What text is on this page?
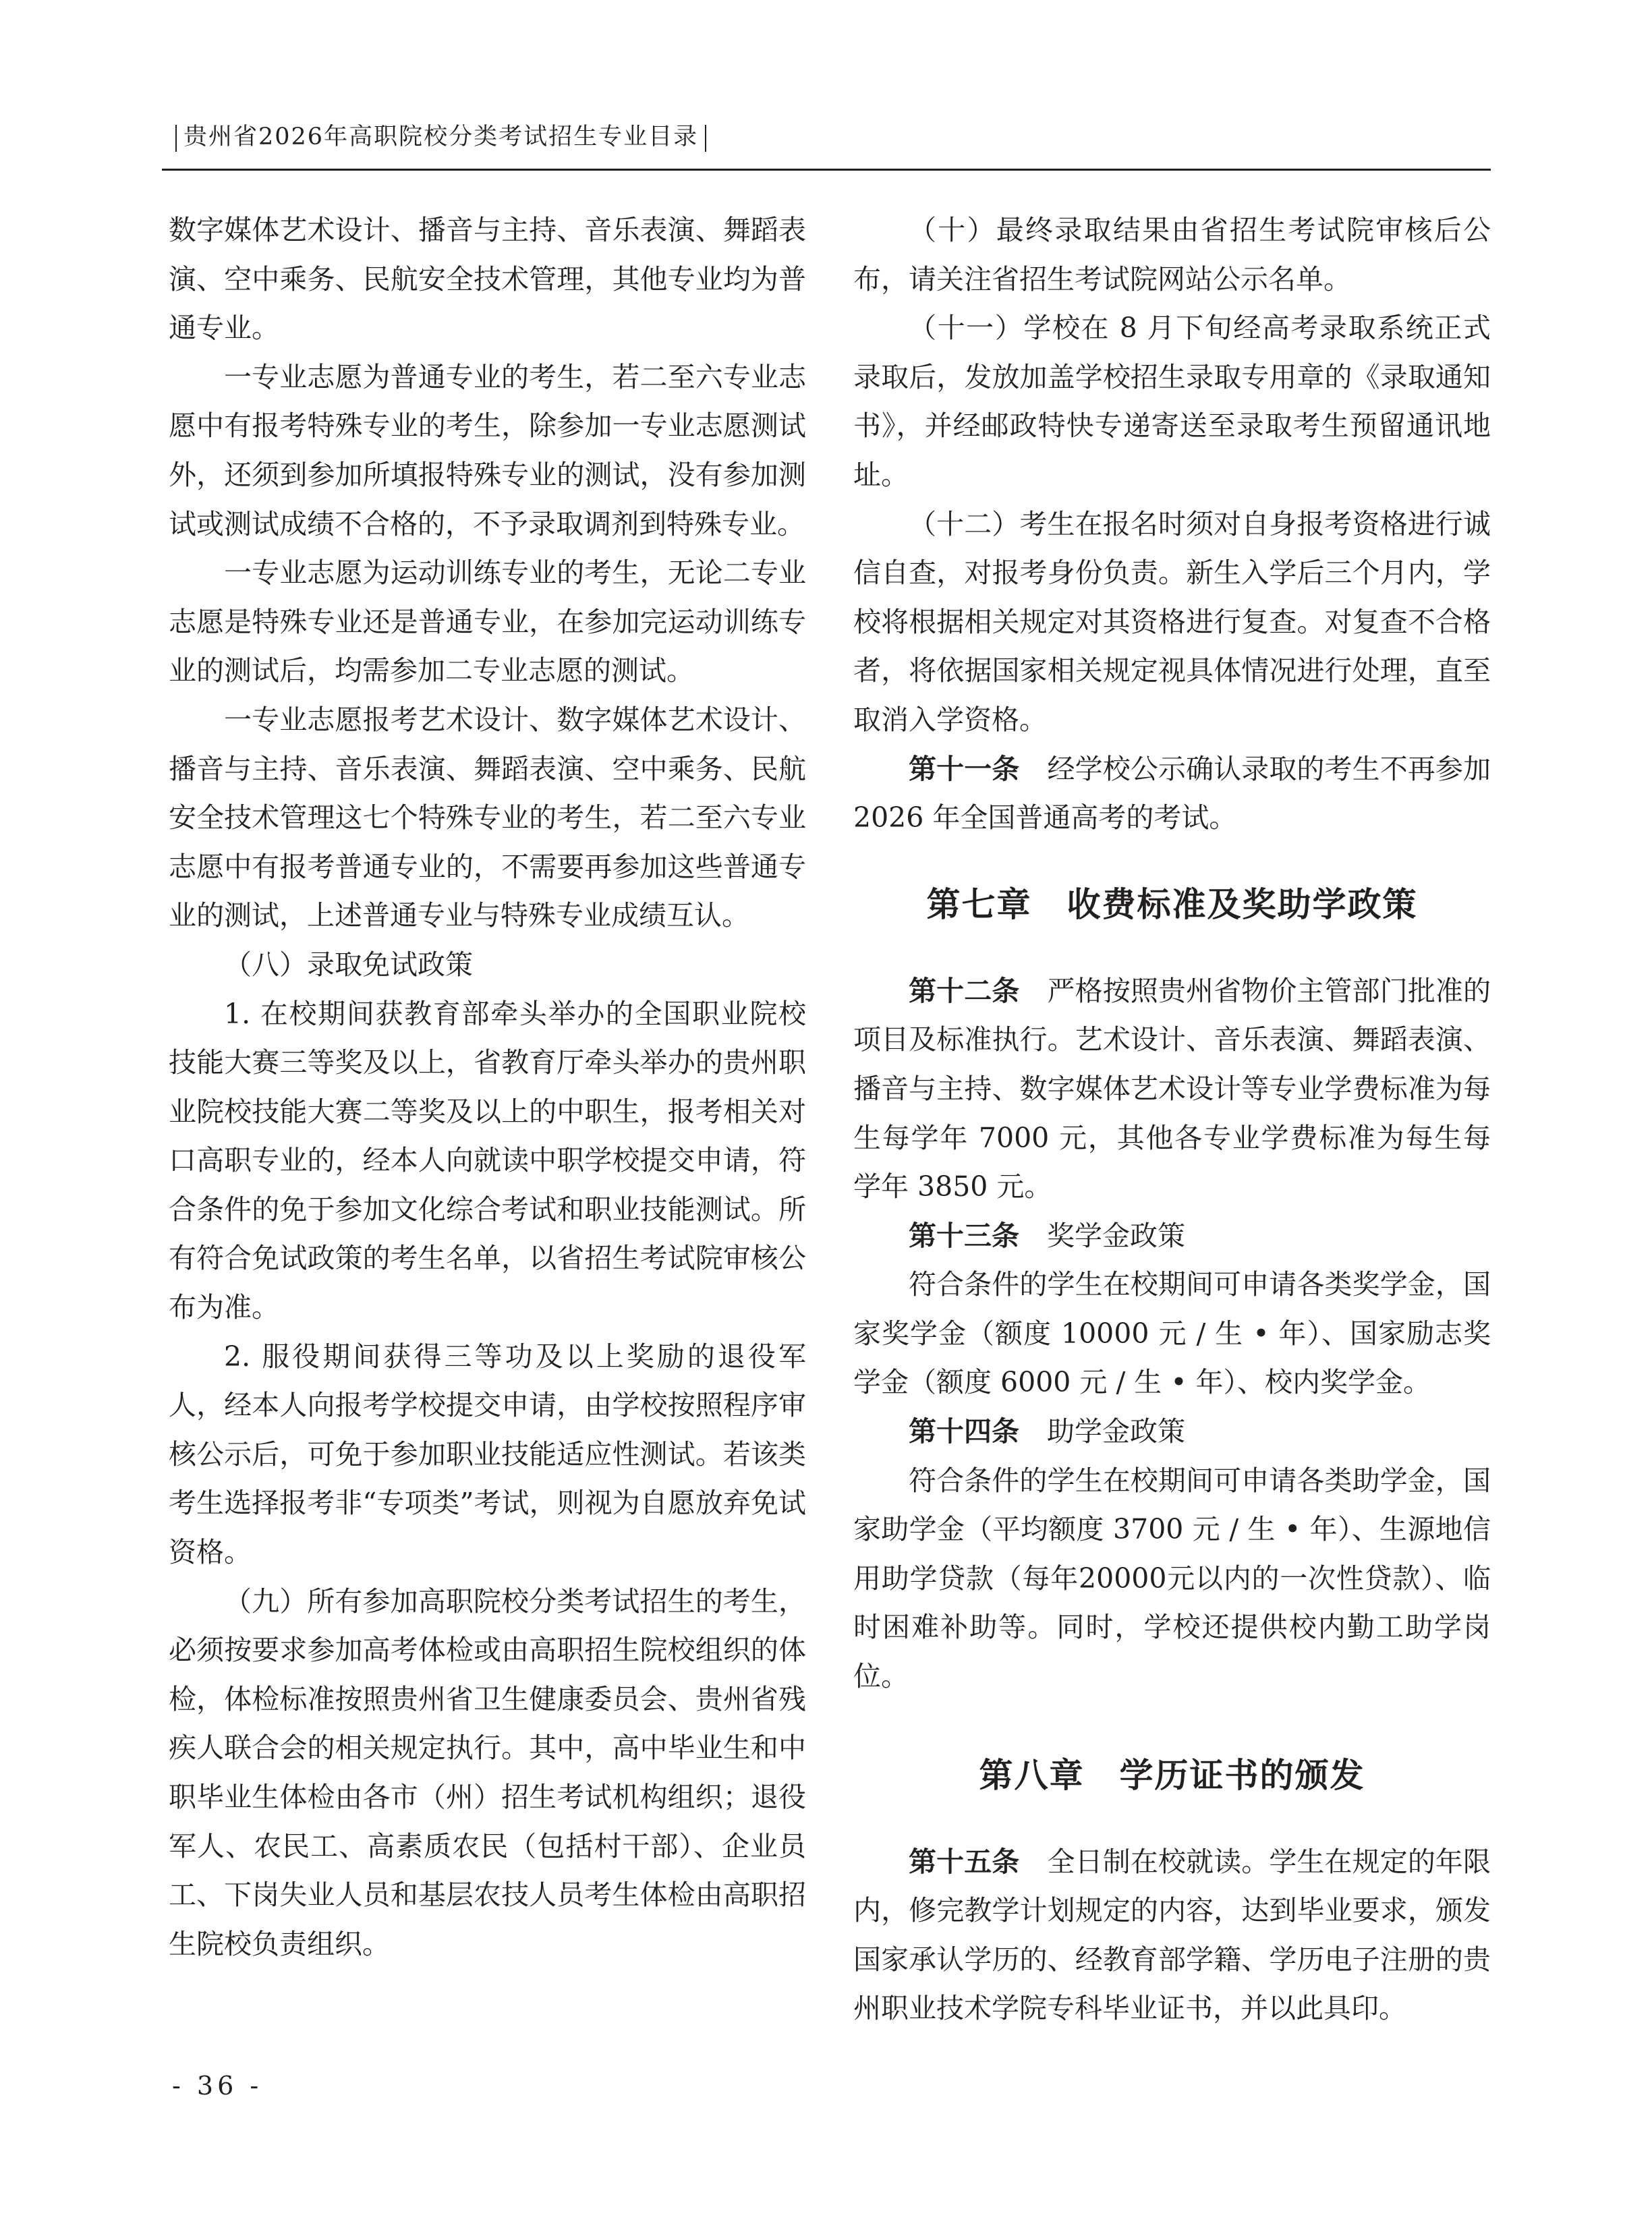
贵州省2026年高职院校分类考试招生专业目录

数字媒体艺术设计、播音与主持、音乐表演、舞蹈表演、空中乘务、民航安全技术管理，其他专业均为普通专业。

一专业志愿为普通专业的考生，若二至六专业志愿中有报考特殊专业的考生，除参加一专业志愿测试外，还须到参加所填报特殊专业的测试，没有参加测试或测试成绩不合格的，不予录取调剂到特殊专业。

一专业志愿为运动训练专业的考生，无论二专业志愿是特殊专业还是普通专业，在参加完运动训练专业的测试后，均需参加二专业志愿的测试。

一专业志愿报考艺术设计、数字媒体艺术设计、播音与主持、音乐表演、舞蹈表演、空中乘务、民航安全技术管理这七个特殊专业的考生，若二至六专业志愿中有报考普通专业的，不需要再参加这些普通专业的测试，上述普通专业与特殊专业成绩互认。

（八）录取免试政策

1. 在校期间获教育部牵头举办的全国职业院校技能大赛三等奖及以上，省教育厅牵头举办的贵州职业院校技能大赛二等奖及以上的中职生，报考相关对口高职专业的，经本人向就读中职学校提交申请，符合条件的免于参加文化综合考试和职业技能测试。所有符合免试政策的考生名单，以省招生考试院审核公布为准。

2. 服役期间获得三等功及以上奖励的退役军人，经本人向报考学校提交申请，由学校按照程序审核公示后，可免于参加职业技能适应性测试。若该类考生选择报考非“专项类”考试，则视为自愿放弃免试资格。

（九）所有参加高职院校分类考试招生的考生，必须按要求参加高考体检或由高职招生院校组织的体检，体检标准按照贵州省卫生健康委员会、贵州省残疾人联合会的相关规定执行。其中，高中毕业生和中职毕业生体检由各市（州）招生考试机构组织；退役军人、农民工、高素质农民（包括村干部）、企业员工、下岗失业人员和基层农技人员考生体检由高职招生院校负责组织。

（十）最终录取结果由省招生考试院审核后公布，请关注省招生考试院网站公示名单。

（十一）学校在 8 月下旬经高考录取系统正式录取后，发放加盖学校招生录取专用章的《录取通知书》，并经邮政特快专递寄送至录取考生预留通讯地址。

（十二）考生在报名时须对自身报考资格进行诚信自查，对报考身份负责。新生入学后三个月内，学校将根据相关规定对其资格进行复查。对复查不合格者，将依据国家相关规定视具体情况进行处理，直至取消入学资格。

第十一条　 经学校公示确认录取的考生不再参加 2026 年全国普通高考的考试。

第七章　收费标准及奖助学政策

第十二条　 严格按照贵州省物价主管部门批准的项目及标准执行。艺术设计、音乐表演、舞蹈表演、播音与主持、数字媒体艺术设计等专业学费标准为每生每学年 7000 元，其他各专业学费标准为每生每学年 3850 元。

第十三条　 奖学金政策

符合条件的学生在校期间可申请各类奖学金，国家奖学金（额度 10000 元 / 生 • 年）、国家励志奖学金（额度 6000 元 / 生 • 年）、校内奖学金。

第十四条　 助学金政策

符合条件的学生在校期间可申请各类助学金，国家助学金（平均额度 3700 元 / 生 • 年）、生源地信用助学贷款（每年20000元以内的一次性贷款）、临时困难补助等。同时，学校还提供校内勤工助学岗位。

第八章　学历证书的颁发

第十五条　 全日制在校就读。学生在规定的年限内，修完教学计划规定的内容，达到毕业要求，颁发国家承认学历的、经教育部学籍、学历电子注册的贵州职业技术学院专科毕业证书，并以此具印。

- 36 -
